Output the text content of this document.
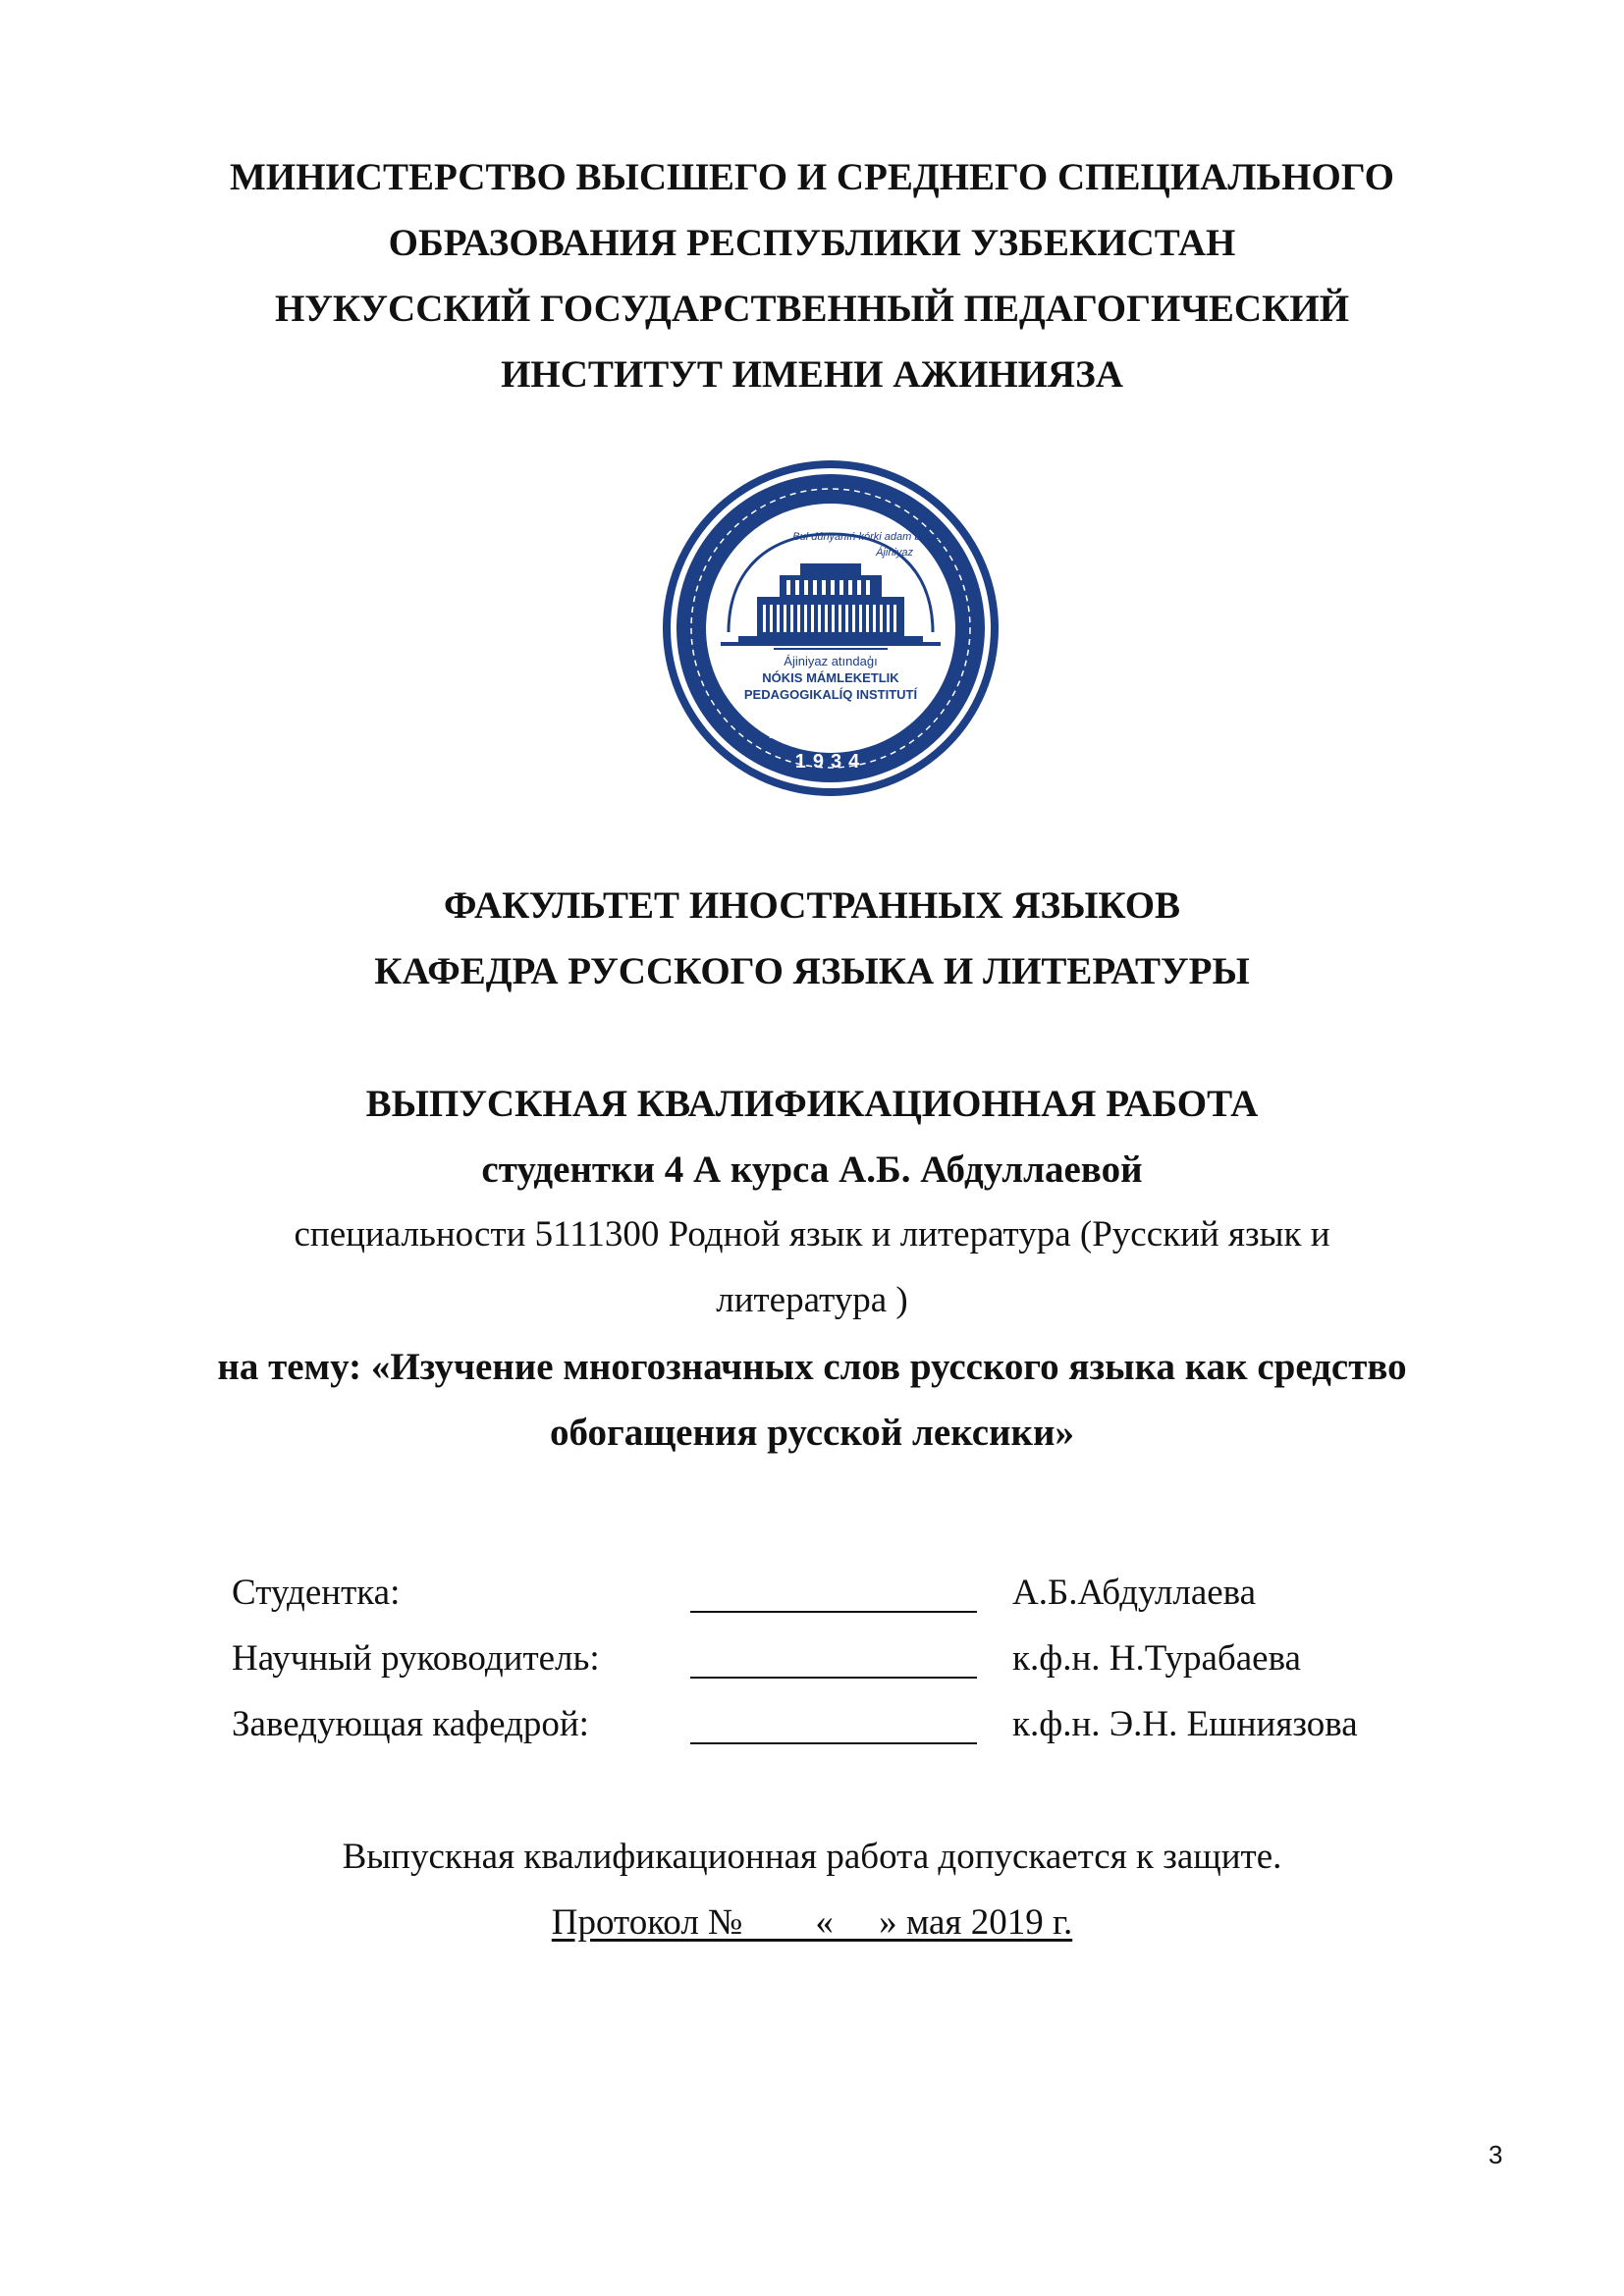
МИНИСТЕРСТВО ВЫСШЕГО И СРЕДНЕГО СПЕЦИАЛЬНОГО
ОБРАЗОВАНИЯ РЕСПУБЛИКИ УЗБЕКИСТАН
НУКУССКИЙ ГОСУДАРСТВЕННЫЙ ПЕДАГОГИЧЕСКИЙ
ИНСТИТУТ ИМЕНИ АЖИНИЯЗА
Bul dúnyanıń kórki adam balası
Ájiniyaz
Ájiniyaz atındaģı
NÓKIS MÁMLEKETLIK
PEDAGOGIKALÍQ INSTITUTÍ
NMPI
1934
ФАКУЛЬТЕТ ИНОСТРАННЫХ ЯЗЫКОВ
КАФЕДРА РУССКОГО ЯЗЫКА И ЛИТЕРАТУРЫ
ВЫПУСКНАЯ КВАЛИФИКАЦИОННАЯ РАБОТА
студентки 4 А курса А.Б. Абдуллаевой
специальности 5111300 Родной язык и литература (Русский язык и
литература )
на тему: «Изучение многозначных слов русского языка как средство
обогащения русской лексики»
Студентка:	А.Б.Абдуллаева
Научный руководитель:	к.ф.н. Н.Турабаева
Заведующая кафедрой:	к.ф.н. Э.Н. Ешниязова
Выпускная квалификационная работа допускается к защите.
Протокол №        «     » мая 2019 г.
3
